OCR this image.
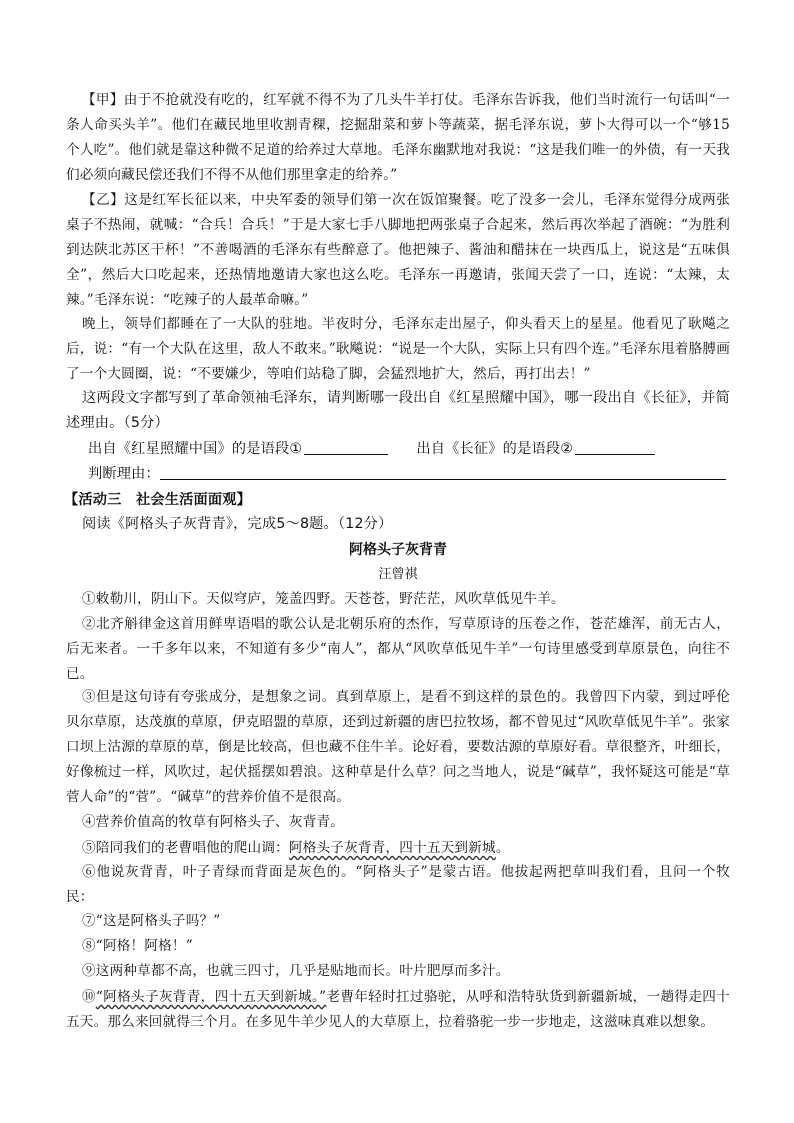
【甲】由于不抢就没有吃的，红军就不得不为了几头牛羊打仗。毛泽东告诉我，他们当时流行一句话叫“一条人命买头羊”。他们在藏民地里收割青稞，挖掘甜菜和萝卜等蔬菜，据毛泽东说，萝卜大得可以一个“够15个人吃”。他们就是靠这种微不足道的给养过大草地。毛泽东幽默地对我说：“这是我们唯一的外债，有一天我们必须向藏民偿还我们不得不从他们那里拿走的给养。”

【乙】这是红军长征以来，中央军委的领导们第一次在饭馆聚餐。吃了没多一会儿，毛泽东觉得分成两张桌子不热闹，就喊：“合兵！合兵！”于是大家七手八脚地把两张桌子合起来，然后再次举起了酒碗：“为胜利到达陕北苏区干杯！”不善喝酒的毛泽东有些醉意了。他把辣子、酱油和醋抹在一块西瓜上，说这是“五味俱全”，然后大口吃起来，还热情地邀请大家也这么吃。毛泽东一再邀请，张闻天尝了一口，连说：“太辣，太辣。”毛泽东说：“吃辣子的人最革命嘛。”

晚上，领导们都睡在了一大队的驻地。半夜时分，毛泽东走出屋子，仰头看天上的星星。他看见了耿飚之后，说：“有一个大队在这里，敌人不敢来。”耿飚说：“说是一个大队，实际上只有四个连。”毛泽东甩着胳膊画了一个大圆圈，说：“不要嫌少，等咱们站稳了脚，会猛烈地扩大，然后，再打出去！”

这两段文字都写到了革命领袖毛泽东，请判断哪一段出自《红星照耀中国》，哪一段出自《长征》，并简述理由。（5分）

出自《红星照耀中国》的是语段①	出自《长征》的是语段②
判断理由：

【活动三　社会生活面面观】

阅读《阿格头子灰背青》，完成5～8题。（12分）

阿格头子灰背青

汪曾祺

①敕勒川，阴山下。天似穹庐，笼盖四野。天苍苍，野茫茫，风吹草低见牛羊。

②北齐斛律金这首用鲜卑语唱的歌公认是北朝乐府的杰作，写草原诗的压卷之作，苍茫雄浑，前无古人，后无来者。一千多年以来，不知道有多少“南人”，都从“风吹草低见牛羊”一句诗里感受到草原景色，向往不已。

③但是这句诗有夸张成分，是想象之词。真到草原上，是看不到这样的景色的。我曾四下内蒙，到过呼伦贝尔草原，达茂旗的草原，伊克昭盟的草原，还到过新疆的唐巴拉牧场，都不曾见过“风吹草低见牛羊”。张家口坝上沽源的草原的草，倒是比较高，但也藏不住牛羊。论好看，要数沽源的草原好看。草很整齐，叶细长，好像梳过一样，风吹过，起伏摇摆如碧浪。这种草是什么草？问之当地人，说是“碱草”，我怀疑这可能是“草菅人命”的“菅”。“碱草”的营养价值不是很高。

④营养价值高的牧草有阿格头子、灰背青。

⑤陪同我们的老曹唱他的爬山调：阿格头子灰背青，四十五天到新城。

⑥他说灰背青，叶子青绿而背面是灰色的。“阿格头子”是蒙古语。他拔起两把草叫我们看，且问一个牧民：

⑦“这是阿格头子吗？”

⑧“阿格！阿格！”

⑨这两种草都不高，也就三四寸，几乎是贴地而长。叶片肥厚而多汁。

⑩“阿格头子灰背青，四十五天到新城。”老曹年轻时扛过骆驼，从呼和浩特驮货到新疆新城，一趟得走四十五天。那么来回就得三个月。在多见牛羊少见人的大草原上，拉着骆驼一步一步地走，这滋味真难以想象。
